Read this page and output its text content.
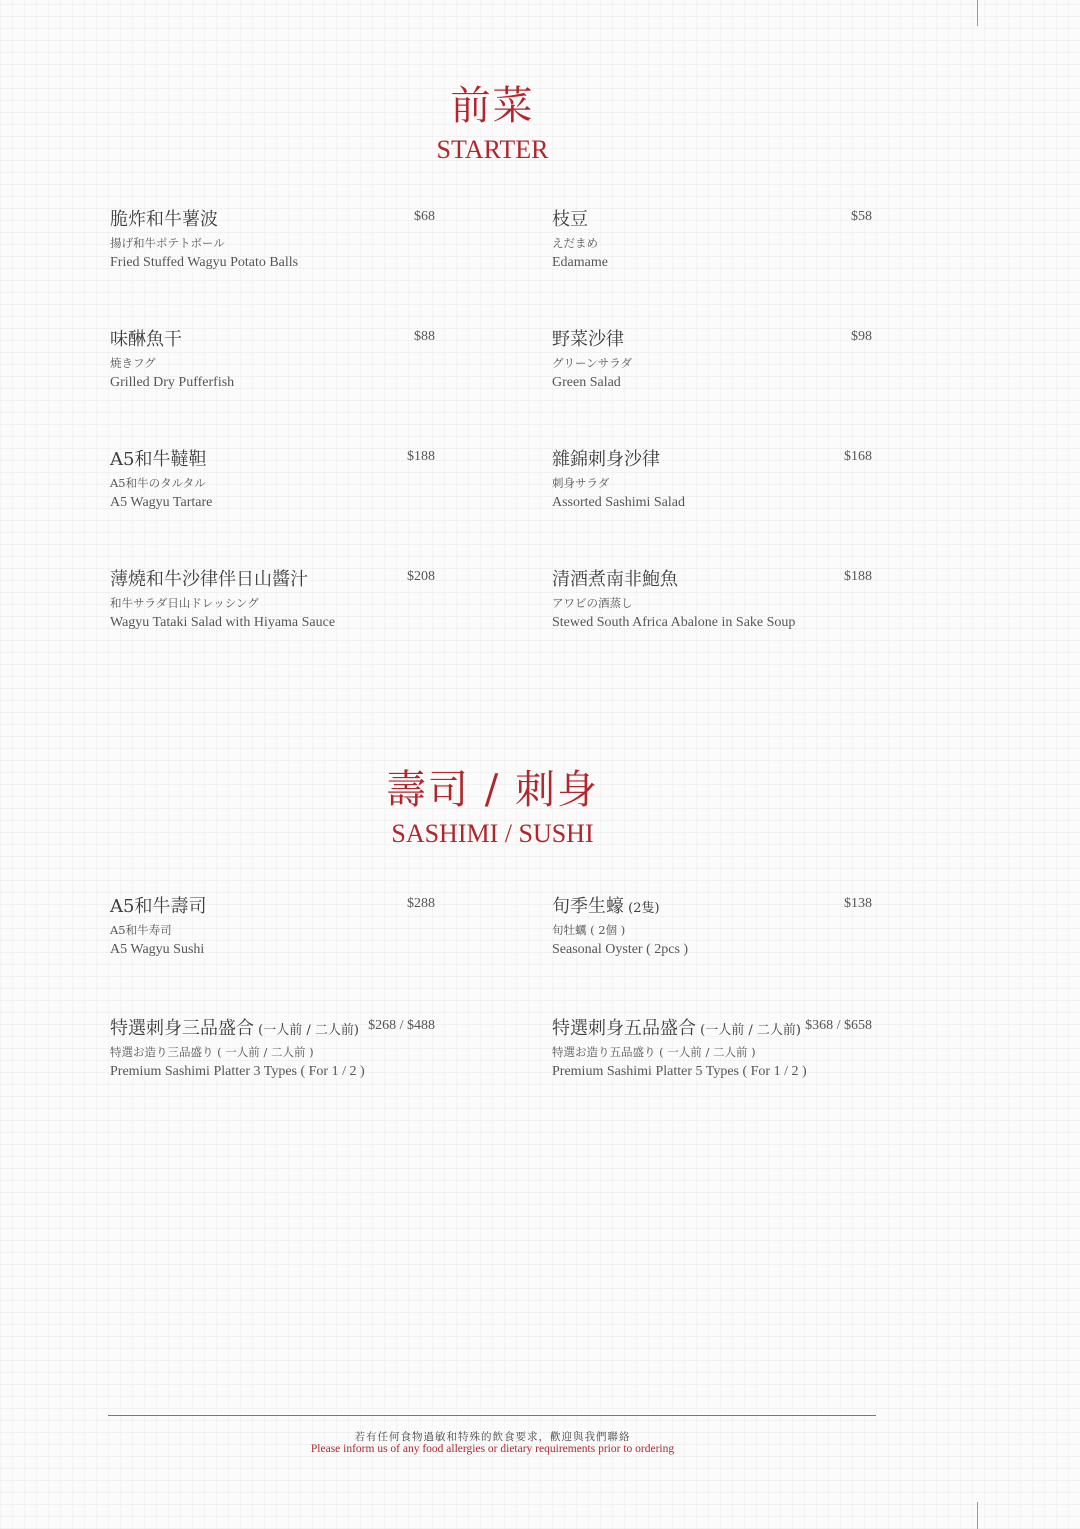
前菜
STARTER
脆炸和牛薯波
揚げ和牛ポテトボール
Fried Stuffed Wagyu Potato Balls
$68	枝豆
えだまめ
Edamame
$58
味醂魚干
焼きフグ
Grilled Dry Pufferfish
$88	野菜沙律
グリーンサラダ
Green Salad
$98
A5和牛韃靼
A5和牛のタルタル
A5 Wagyu Tartare
$188	雜錦刺身沙律
刺身サラダ
Assorted Sashimi Salad
$168
薄燒和牛沙律伴日山醬汁
和牛サラダ日山ドレッシング
Wagyu Tataki Salad with Hiyama Sauce
$208	清酒煮南非鮑魚
アワビの酒蒸し
Stewed South Africa Abalone in Sake Soup
$188
壽司 / 刺身
SASHIMI / SUSHI
A5和牛壽司
A5和牛寿司
A5 Wagyu Sushi
$288	旬季生蠔 (2隻)
旬牡蠣 ( 2個 )
Seasonal Oyster ( 2pcs )
$138
特選刺身三品盛合 (一人前 / 二人前)
特選お造り三品盛り ( 一人前 / 二人前 )
Premium Sashimi Platter 3 Types ( For 1 / 2 )
$268 / $488	特選刺身五品盛合 (一人前 / 二人前)
特選お造り五品盛り ( 一人前 / 二人前 )
Premium Sashimi Platter 5 Types ( For 1 / 2 )
$368 / $658
若有任何食物過敏和特殊的飲食要求，歡迎與我們聯絡
Please inform us of any food allergies or dietary requirements prior to ordering
